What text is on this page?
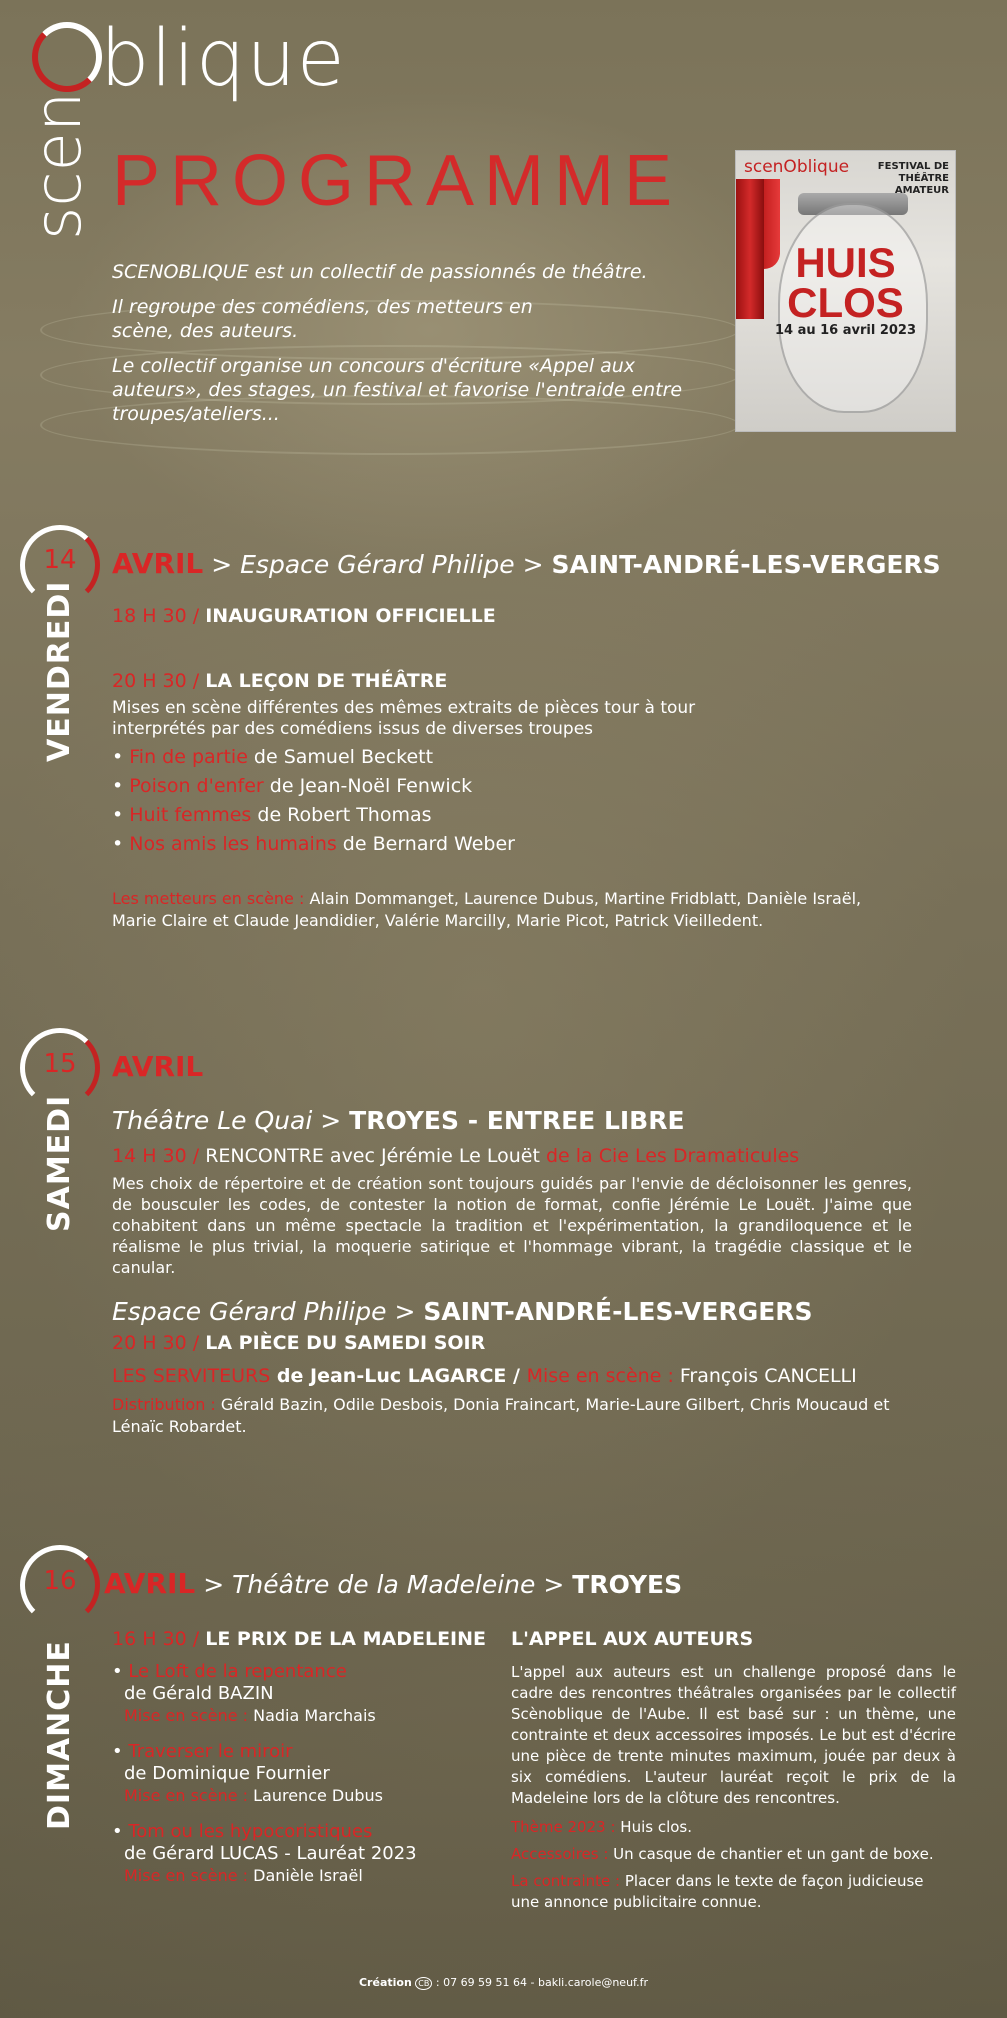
blique
scen PROGRAMME
SCENOBLIQUE est un collectif de passionnés de théâtre.
Il regroupe des comédiens, des metteurs en scène, des auteurs.
Le collectif organise un concours d'écriture «Appel aux auteurs», des stages, un festival et favorise l'entraide entre troupes/ateliers...
scenOblique	FESTIVAL DE THÉÂTRE AMATEUR
HUIS
CLOS
14 au 16 avril 2023
14
VENDREDI
AVRIL > Espace Gérard Philipe > SAINT-ANDRÉ-LES-VERGERS
18 H 30 / INAUGURATION OFFICIELLE
20 H 30 / LA LEÇON DE THÉÂTRE
Mises en scène différentes des mêmes extraits de pièces tour à tour interprétés par des comédiens issus de diverses troupes
• Fin de partie de Samuel Beckett
• Poison d'enfer de Jean-Noël Fenwick
• Huit femmes de Robert Thomas
• Nos amis les humains de Bernard Weber
Les metteurs en scène : Alain Dommanget, Laurence Dubus, Martine Fridblatt, Danièle Israël, Marie Claire et Claude Jeandidier, Valérie Marcilly, Marie Picot, Patrick Vieilledent.
15
SAMEDI
AVRIL
Théâtre Le Quai > TROYES - ENTREE LIBRE
14 H 30 / RENCONTRE avec Jérémie Le Louët de la Cie Les Dramaticules
Mes choix de répertoire et de création sont toujours guidés par l'envie de décloisonner les genres, de bousculer les codes, de contester la notion de format, confie Jérémie Le Louët. J'aime que cohabitent dans un même spectacle la tradition et l'expérimentation, la grandiloquence et le réalisme le plus trivial, la moquerie satirique et l'hommage vibrant, la tragédie classique et le canular.
Espace Gérard Philipe > SAINT-ANDRÉ-LES-VERGERS
20 H 30 / LA PIÈCE DU SAMEDI SOIR
LES SERVITEURS de Jean-Luc LAGARCE / Mise en scène : François CANCELLI
Distribution : Gérald Bazin, Odile Desbois, Donia Fraincart, Marie-Laure Gilbert, Chris Moucaud et Lénaïc Robardet.
16
DIMANCHE
AVRIL > Théâtre de la Madeleine > TROYES
16 H 30 / LE PRIX DE LA MADELEINE
• Le Loft de la repentance
de Gérald BAZIN
Mise en scène : Nadia Marchais
• Traverser le miroir
de Dominique Fournier
Mise en scène : Laurence Dubus
• Tom ou les hypocoristiques
de Gérard LUCAS - Lauréat 2023
Mise en scène : Danièle Israël
L'APPEL AUX AUTEURS
L'appel aux auteurs est un challenge proposé dans le cadre des rencontres théâtrales organisées par le collectif Scènoblique de l'Aube. Il est basé sur : un thème, une contrainte et deux accessoires imposés. Le but est d'écrire une pièce de trente minutes maximum, jouée par deux à six comédiens. L'auteur lauréat reçoit le prix de la Madeleine lors de la clôture des rencontres.
Thème 2023 : Huis clos.
Accessoires : Un casque de chantier et un gant de boxe.
La contrainte : Placer dans le texte de façon judicieuse une annonce publicitaire connue.
Création CB : 07 69 59 51 64 - bakli.carole@neuf.fr
